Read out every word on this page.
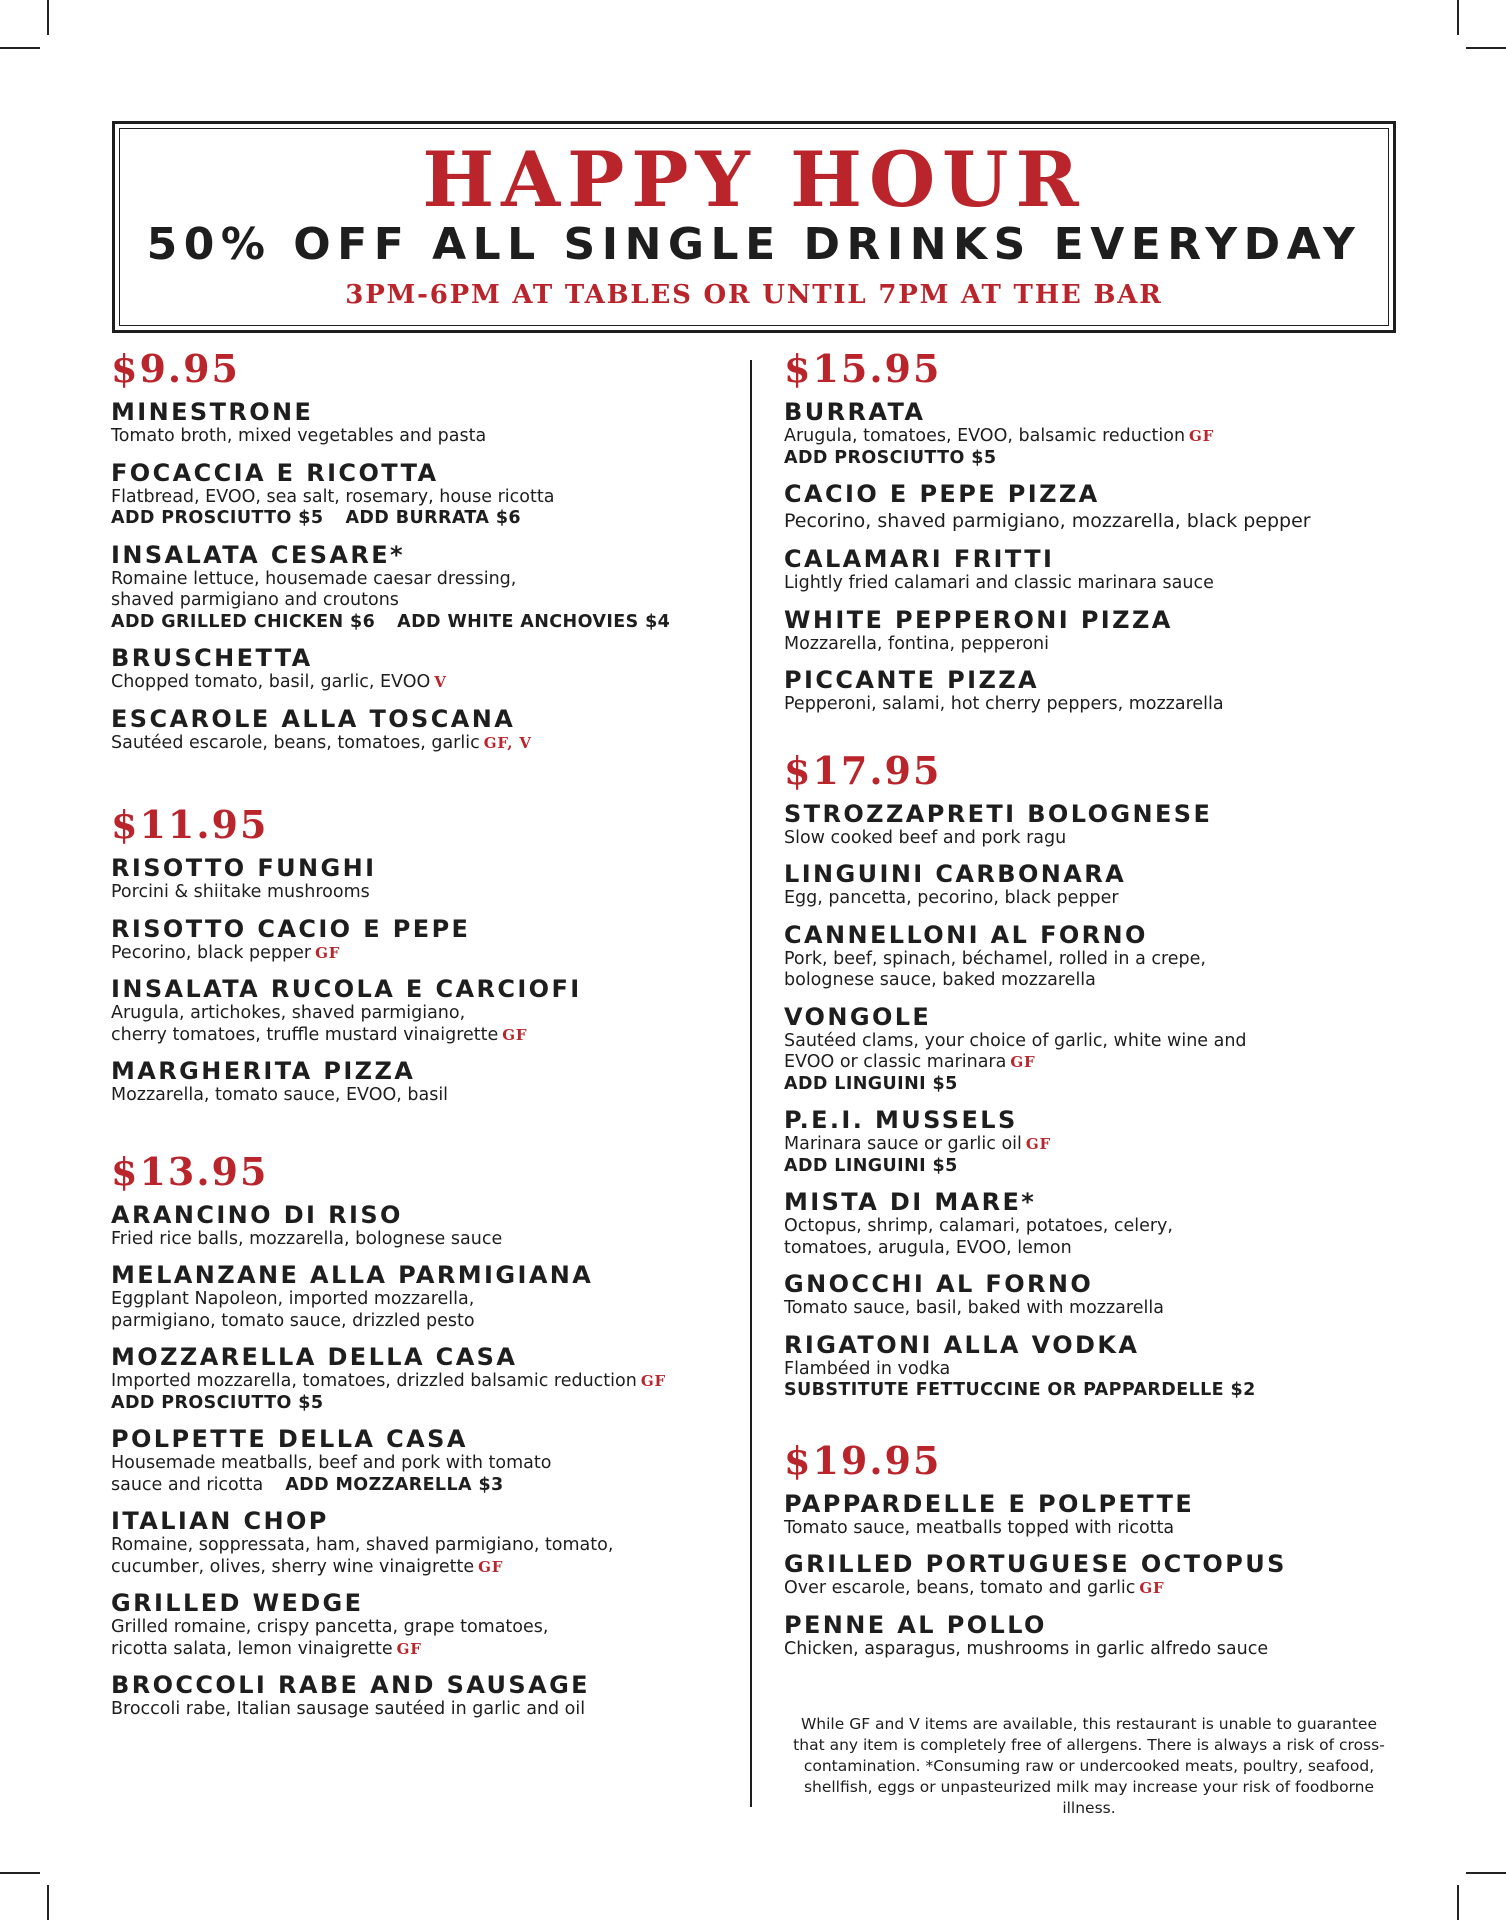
HAPPY HOUR
50% OFF ALL SINGLE DRINKS EVERYDAY
3PM-6PM AT TABLES OR UNTIL 7PM AT THE BAR
$9.95
MINESTRONE
Tomato broth, mixed vegetables and pasta
FOCACCIA E RICOTTA
Flatbread, EVOO, sea salt, rosemary, house ricotta
ADD PROSCIUTTO $5 ADD BURRATA $6
INSALATA CESARE*
Romaine lettuce, housemade caesar dressing,
shaved parmigiano and croutons
ADD GRILLED CHICKEN $6 ADD WHITE ANCHOVIES $4
BRUSCHETTA
Chopped tomato, basil, garlic, EVOO V
ESCAROLE ALLA TOSCANA
Sautéed escarole, beans, tomatoes, garlic GF, V
$11.95
RISOTTO FUNGHI
Porcini & shiitake mushrooms
RISOTTO CACIO E PEPE
Pecorino, black pepper GF
INSALATA RUCOLA E CARCIOFI
Arugula, artichokes, shaved parmigiano,
cherry tomatoes, truffle mustard vinaigrette GF
MARGHERITA PIZZA
Mozzarella, tomato sauce, EVOO, basil
$13.95
ARANCINO DI RISO
Fried rice balls, mozzarella, bolognese sauce
MELANZANE ALLA PARMIGIANA
Eggplant Napoleon, imported mozzarella,
parmigiano, tomato sauce, drizzled pesto
MOZZARELLA DELLA CASA
Imported mozzarella, tomatoes, drizzled balsamic reduction GF
ADD PROSCIUTTO $5
POLPETTE DELLA CASA
Housemade meatballs, beef and pork with tomato
sauce and ricotta ADD MOZZARELLA $3
ITALIAN CHOP
Romaine, soppressata, ham, shaved parmigiano, tomato,
cucumber, olives, sherry wine vinaigrette GF
GRILLED WEDGE
Grilled romaine, crispy pancetta, grape tomatoes,
ricotta salata, lemon vinaigrette GF
BROCCOLI RABE AND SAUSAGE
Broccoli rabe, Italian sausage sautéed in garlic and oil
$15.95
BURRATA
Arugula, tomatoes, EVOO, balsamic reduction GF
ADD PROSCIUTTO $5
CACIO E PEPE PIZZA
Pecorino, shaved parmigiano, mozzarella, black pepper
CALAMARI FRITTI
Lightly fried calamari and classic marinara sauce
WHITE PEPPERONI PIZZA
Mozzarella, fontina, pepperoni
PICCANTE PIZZA
Pepperoni, salami, hot cherry peppers, mozzarella
$17.95
STROZZAPRETI BOLOGNESE
Slow cooked beef and pork ragu
LINGUINI CARBONARA
Egg, pancetta, pecorino, black pepper
CANNELLONI AL FORNO
Pork, beef, spinach, béchamel, rolled in a crepe,
bolognese sauce, baked mozzarella
VONGOLE
Sautéed clams, your choice of garlic, white wine and
EVOO or classic marinara GF
ADD LINGUINI $5
P.E.I. MUSSELS
Marinara sauce or garlic oil GF
ADD LINGUINI $5
MISTA DI MARE*
Octopus, shrimp, calamari, potatoes, celery,
tomatoes, arugula, EVOO, lemon
GNOCCHI AL FORNO
Tomato sauce, basil, baked with mozzarella
RIGATONI ALLA VODKA
Flambéed in vodka
SUBSTITUTE FETTUCCINE OR PAPPARDELLE $2
$19.95
PAPPARDELLE E POLPETTE
Tomato sauce, meatballs topped with ricotta
GRILLED PORTUGUESE OCTOPUS
Over escarole, beans, tomato and garlic GF
PENNE AL POLLO
Chicken, asparagus, mushrooms in garlic alfredo sauce
While GF and V items are available, this restaurant is unable to guarantee that any item is completely free of allergens. There is always a risk of cross-contamination. *Consuming raw or undercooked meats, poultry, seafood, shellfish, eggs or unpasteurized milk may increase your risk of foodborne illness.
